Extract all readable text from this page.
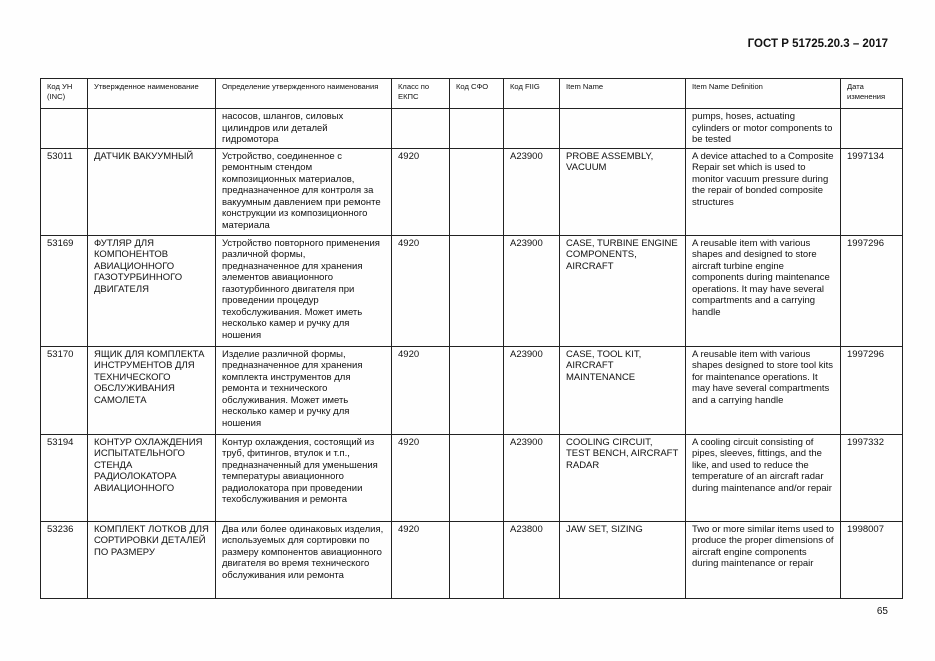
ГОСТ Р 51725.20.3 – 2017
Код УН (INC)	Утвержденное наименование	Определение утвержденного наименования	Класс по ЕКПС	Код СФО	Код FIIG	Item Name	Item Name Definition	Дата изменения
		насосов, шлангов, силовых цилиндров или деталей гидромотора					pumps, hoses, actuating cylinders or motor components to be tested	
53011	ДАТЧИК ВАКУУМНЫЙ	Устройство, соединенное с ремонтным стендом композиционных материалов, предназначенное для контроля за вакуумным давлением при ремонте конструкции из композиционного материала	4920		A23900	PROBE ASSEMBLY, VACUUM	A device attached to a Composite Repair set which is used to monitor vacuum pressure during the repair of bonded composite structures	1997134
53169	ФУТЛЯР ДЛЯ КОМПОНЕНТОВ АВИАЦИОННОГО ГАЗОТУРБИННОГО ДВИГАТЕЛЯ	Устройство повторного применения различной формы, предназначенное для хранения элементов авиационного газотурбинного двигателя при проведении процедур техобслуживания. Может иметь несколько камер и ручку для ношения	4920		A23900	CASE, TURBINE ENGINE COMPONENTS, AIRCRAFT	A reusable item with various shapes and designed to store aircraft turbine engine components during maintenance operations. It may have several compartments and a carrying handle	1997296
53170	ЯЩИК ДЛЯ КОМПЛЕКТА ИНСТРУМЕНТОВ ДЛЯ ТЕХНИЧЕСКОГО ОБСЛУЖИВАНИЯ САМОЛЕТА	Изделие различной формы, предназначенное для хранения комплекта инструментов для ремонта и технического обслуживания. Может иметь несколько камер и ручку для ношения	4920		A23900	CASE, TOOL KIT, AIRCRAFT MAINTENANCE	A reusable item with various shapes designed to store tool kits for maintenance operations. It may have several compartments and a carrying handle	1997296
53194	КОНТУР ОХЛАЖДЕНИЯ ИСПЫТАТЕЛЬНОГО СТЕНДА РАДИОЛОКАТОРА АВИАЦИОННОГО	Контур охлаждения, состоящий из труб, фитингов, втулок и т.п., предназначенный для уменьшения температуры авиационного радиолокатора при проведении техобслуживания и ремонта	4920		A23900	COOLING CIRCUIT, TEST BENCH, AIRCRAFT RADAR	A cooling circuit consisting of pipes, sleeves, fittings, and the like, and used to reduce the temperature of an aircraft radar during maintenance and/or repair	1997332
53236	КОМПЛЕКТ ЛОТКОВ ДЛЯ СОРТИРОВКИ ДЕТАЛЕЙ ПО РАЗМЕРУ	Два или более одинаковых изделия, используемых для сортировки по размеру компонентов авиационного двигателя во время технического обслуживания или ремонта	4920		A23800	JAW SET, SIZING	Two or more similar items used to produce the proper dimensions of aircraft engine components during maintenance or repair	1998007
65
